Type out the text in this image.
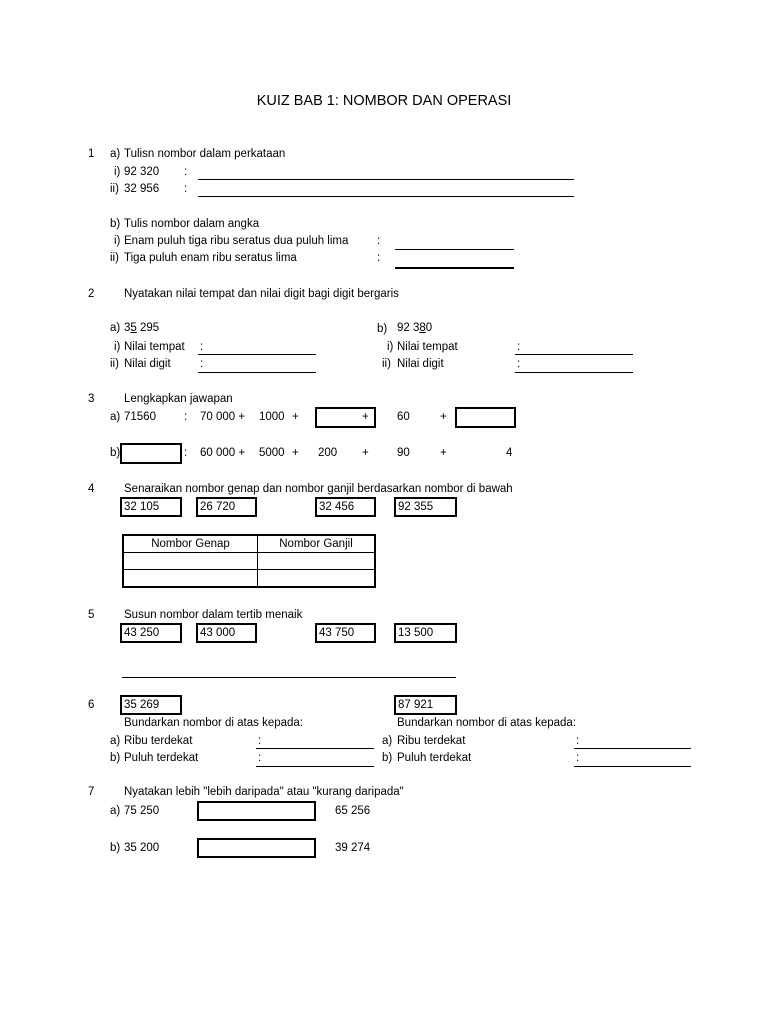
KUIZ BAB 1: NOMBOR DAN OPERASI
1 a) Tulisn nombor dalam perkataan
i) 92 320 :
ii) 32 956 :
b) Tulis nombor dalam angka
i) Enam puluh tiga ribu seratus dua puluh lima :
ii) Tiga puluh enam ribu seratus lima	:
2	Nyatakan nilai tempat dan nilai digit bagi digit bergaris
a) 35 295	b) 92 380
i) Nilai tempat :
ii) Nilai digit	:
i) Nilai tempat	:
ii) Nilai digit	:
3	Lengkapkan jawapan
a) 71560 : 70 000 + 1000 +	+ 60	+
b)	: 60 000 + 5000 + 200 + 90	+	4
4	Senaraikan nombor genap dan nombor ganjil berdasarkan nombor di bawah
32 105	26 720	32 456	92 355
Nombor Genap	Nombor Ganjil

5	Susun nombor dalam tertib menaik
43 250	43 000	43 750	13 500
6	35 269	87 921
Bundarkan nombor di atas kepada:	Bundarkan nombor di atas kepada:
a) Ribu terdekat	:
b) Puluh terdekat	:
a) Ribu terdekat	:
b) Puluh terdekat	:
7	Nyatakan lebih "lebih daripada" atau "kurang daripada"
a) 75 250	65 256
b) 35 200	39 274
